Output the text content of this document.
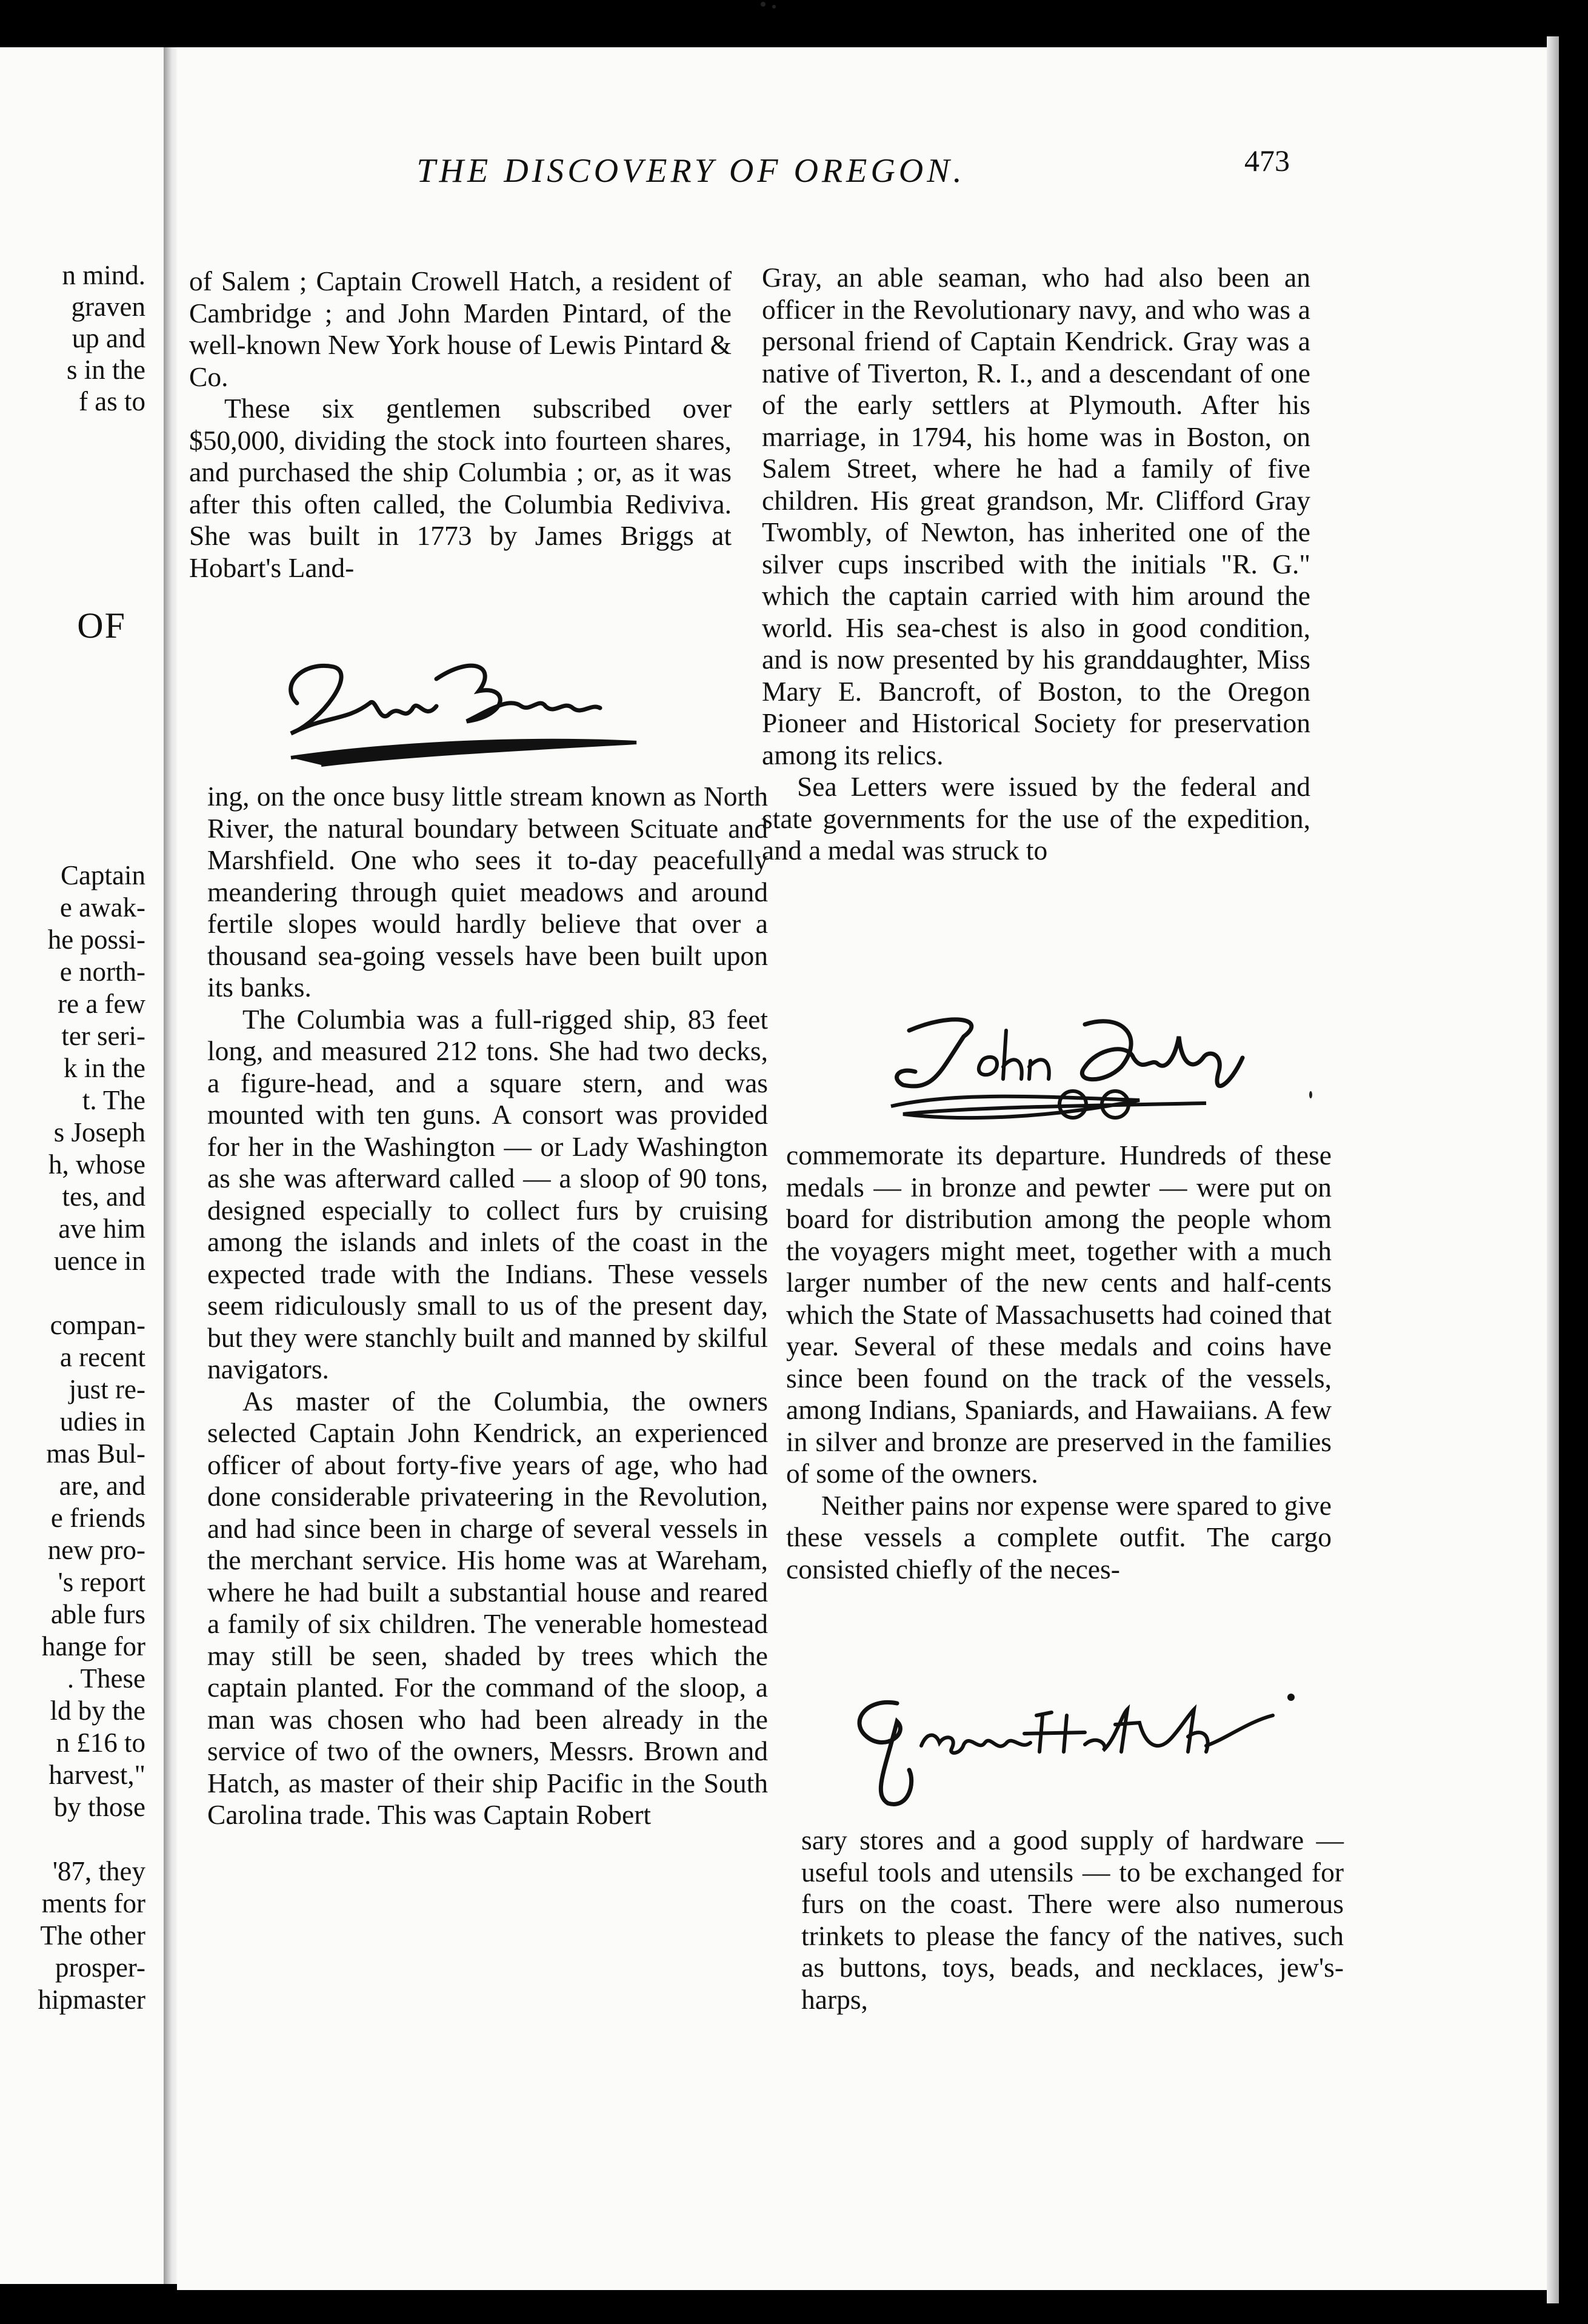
n mind.
graven
up and
s in the
f as to
OF
Captain
e awak-
he possi-
e north-
re a few
ter seri-
k in the
t. The
s Joseph
h, whose
tes, and
ave him
uence in
compan-
a recent
just re-
udies in
mas Bul-
are, and
e friends
new pro-
's report
able furs
hange for
. These
ld by the
n £16 to
harvest,"
by those
'87, they
ments for
The other
prosper-
hipmaster
THE DISCOVERY OF OREGON.	473

of Salem ; Captain Crowell Hatch, a resident of Cambridge ; and John Marden Pintard, of the well-known New York house of Lewis Pintard & Co.

These six gentlemen subscribed over $50,000, dividing the stock into fourteen shares, and purchased the ship Columbia ; or, as it was after this often called, the Columbia Rediviva. She was built in 1773 by James Briggs at Hobart's Land-

ing, on the once busy little stream known as North River, the natural boundary between Scituate and Marshfield. One who sees it to-day peacefully meandering through quiet meadows and around fertile slopes would hardly believe that over a thousand sea-going vessels have been built upon its banks.

The Columbia was a full-rigged ship, 83 feet long, and measured 212 tons. She had two decks, a figure-head, and a square stern, and was mounted with ten guns. A consort was provided for her in the Washington — or Lady Washington as she was afterward called — a sloop of 90 tons, designed especially to collect furs by cruising among the islands and inlets of the coast in the expected trade with the Indians. These vessels seem ridiculously small to us of the present day, but they were stanchly built and manned by skilful navigators.

As master of the Columbia, the owners selected Captain John Kendrick, an experienced officer of about forty-five years of age, who had done considerable privateering in the Revolution, and had since been in charge of several vessels in the merchant service. His home was at Wareham, where he had built a substantial house and reared a family of six children. The venerable homestead may still be seen, shaded by trees which the captain planted. For the command of the sloop, a man was chosen who had been already in the service of two of the owners, Messrs. Brown and Hatch, as master of their ship Pacific in the South Carolina trade. This was Captain Robert

Gray, an able seaman, who had also been an officer in the Revolutionary navy, and who was a personal friend of Captain Kendrick. Gray was a native of Tiverton, R. I., and a descendant of one of the early settlers at Plymouth. After his marriage, in 1794, his home was in Boston, on Salem Street, where he had a family of five children. His great grandson, Mr. Clifford Gray Twombly, of Newton, has inherited one of the silver cups inscribed with the initials "R. G." which the captain carried with him around the world. His sea-chest is also in good condition, and is now presented by his granddaughter, Miss Mary E. Bancroft, of Boston, to the Oregon Pioneer and Historical Society for preservation among its relics.

Sea Letters were issued by the federal and state governments for the use of the expedition, and a medal was struck to

commemorate its departure. Hundreds of these medals — in bronze and pewter — were put on board for distribution among the people whom the voyagers might meet, together with a much larger number of the new cents and half-cents which the State of Massachusetts had coined that year. Several of these medals and coins have since been found on the track of the vessels, among Indians, Spaniards, and Hawaiians. A few in silver and bronze are preserved in the families of some of the owners.

Neither pains nor expense were spared to give these vessels a complete outfit. The cargo consisted chiefly of the neces-

sary stores and a good supply of hardware — useful tools and utensils — to be exchanged for furs on the coast. There were also numerous trinkets to please the fancy of the natives, such as buttons, toys, beads, and necklaces, jew's-harps,
